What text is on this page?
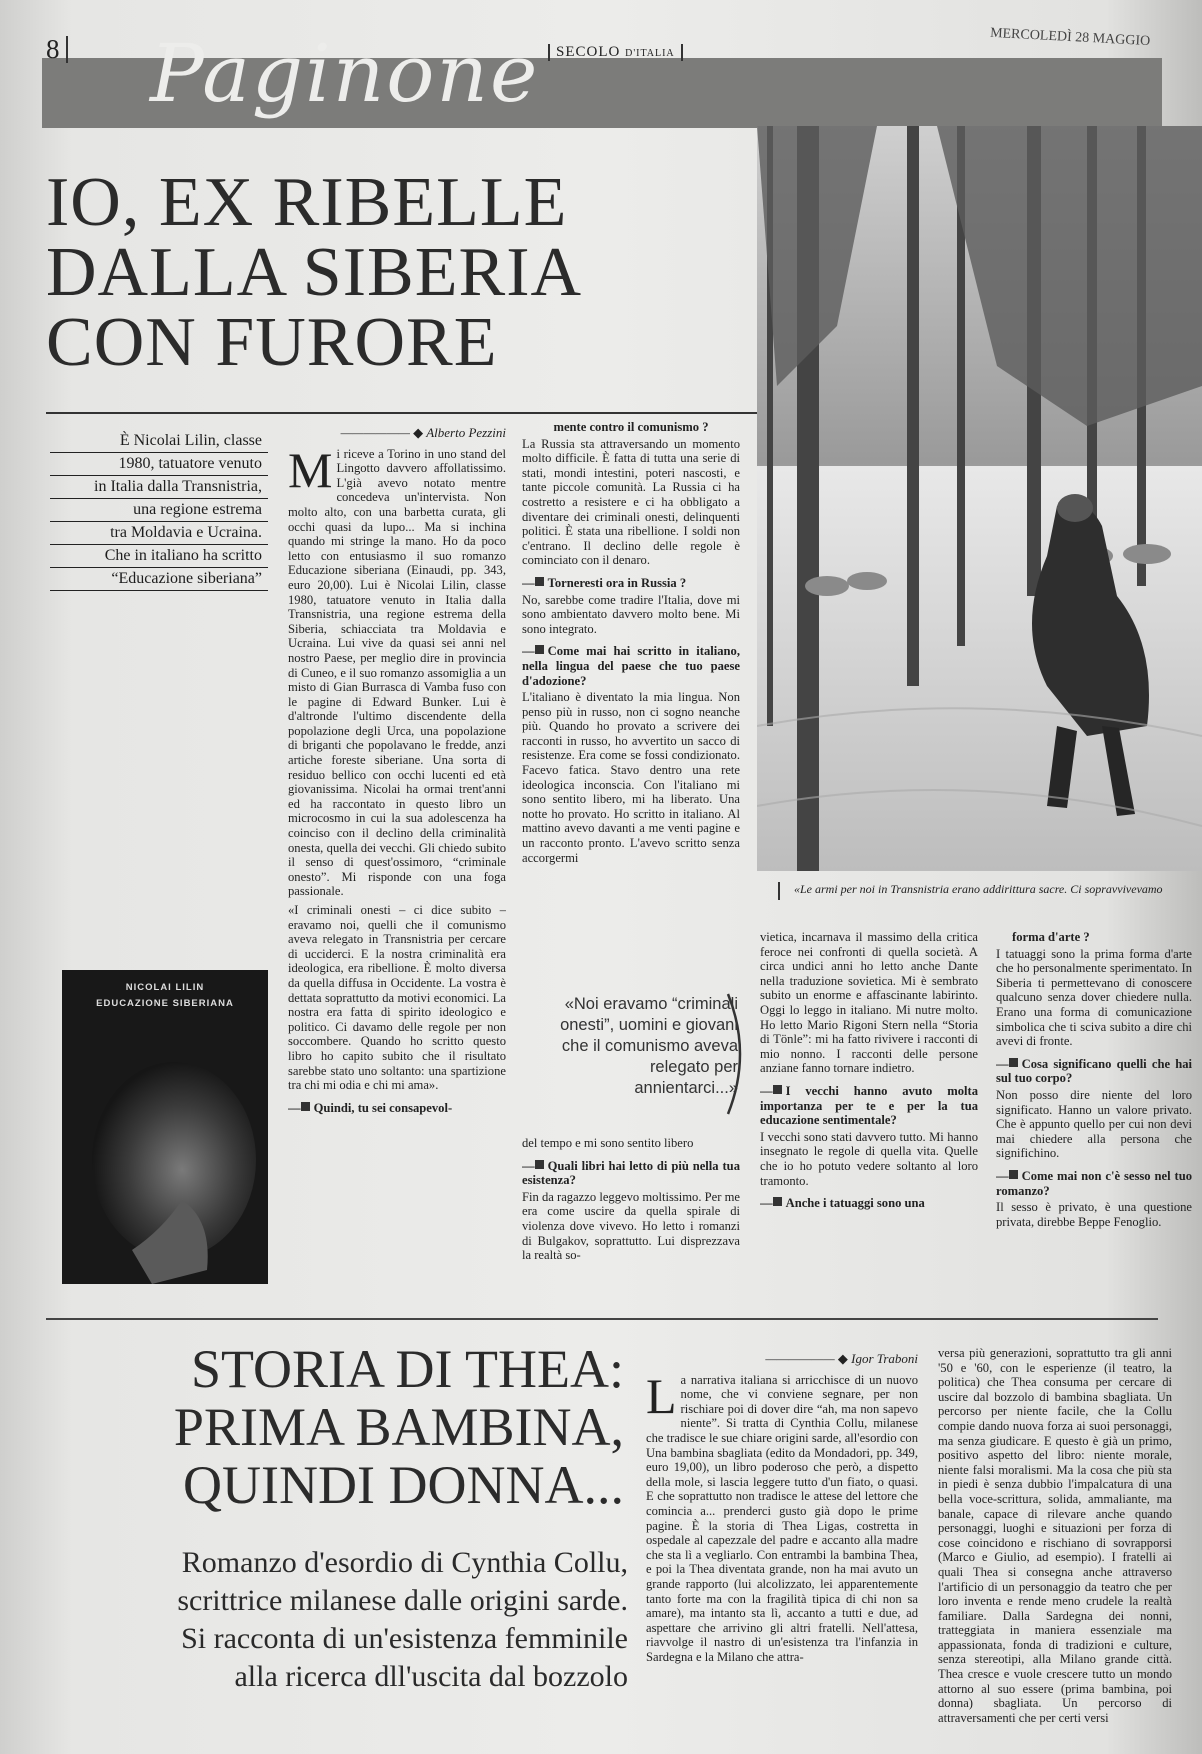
Paginone
8	SECOLO D'ITALIA
MERCOLEDÌ 28 MAGGIO
IO, EX RIBELLE
DALLA SIBERIA
CON FURORE
È Nicolai Lilin, classe
1980, tatuatore venuto
in Italia dalla Transnistria,
una regione estrema
tra Moldavia e Ucraina.
Che in italiano ha scritto
“Educazione siberiana”
NICOLAI LILIN
EDUCAZIONE SIBERIANA
—————— ◆ Alberto Pezzini

Mi riceve a Torino in uno stand del Lingotto davvero affollatissimo. L'già avevo notato mentre concedeva un'intervista. Non molto alto, con una barbetta curata, gli occhi quasi da lupo... Ma si inchina quando mi stringe la mano. Ho da poco letto con entusiasmo il suo romanzo Educazione siberiana (Einaudi, pp. 343, euro 20,00). Lui è Nicolai Lilin, classe 1980, tatuatore venuto in Italia dalla Transnistria, una regione estrema della Siberia, schiacciata tra Moldavia e Ucraina. Lui vive da quasi sei anni nel nostro Paese, per meglio dire in provincia di Cuneo, e il suo romanzo assomiglia a un misto di Gian Burrasca di Vamba fuso con le pagine di Edward Bunker. Lui è d'altronde l'ultimo discendente della popolazione degli Urca, una popolazione di briganti che popolavano le fredde, anzi artiche foreste siberiane. Una sorta di residuo bellico con occhi lucenti ed età giovanissima. Nicolai ha ormai trent'anni ed ha raccontato in questo libro un microcosmo in cui la sua adolescenza ha coinciso con il declino della criminalità onesta, quella dei vecchi. Gli chiedo subito il senso di quest'ossimoro, “criminale onesto”. Mi risponde con una foga passionale.

«I criminali onesti – ci dice subito – eravamo noi, quelli che il comunismo aveva relegato in Transnistria per cercare di ucciderci. E la nostra criminalità era ideologica, era ribellione. È molto diversa da quella diffusa in Occidente. La vostra è dettata soprattutto da motivi economici. La nostra era fatta di spirito ideologico e politico. Ci davamo delle regole per non soccombere. Quando ho scritto questo libro ho capito subito che il risultato sarebbe stato uno soltanto: una spartizione tra chi mi odia e chi mi ama».

— Quindi, tu sei consapevol-
mente contro il comunismo ?

La Russia sta attraversando un momento molto difficile. È fatta di tutta una serie di stati, mondi intestini, poteri nascosti, e tante piccole comunità. La Russia ci ha costretto a resistere e ci ha obbligato a diventare dei criminali onesti, delinquenti politici. È stata una ribellione. I soldi non c'entrano. Il declino delle regole è cominciato con il denaro.

— Torneresti ora in Russia ?

No, sarebbe come tradire l'Italia, dove mi sono ambientato davvero molto bene. Mi sono integrato.

— Come mai hai scritto in italiano, nella lingua del paese che tuo paese d'adozione?

L'italiano è diventato la mia lingua. Non penso più in russo, non ci sogno neanche più. Quando ho provato a scrivere dei racconti in russo, ho avvertito un sacco di resistenze. Era come se fossi condizionato. Facevo fatica. Stavo dentro una rete ideologica inconscia. Con l'italiano mi sono sentito libero, mi ha liberato. Una notte ho provato. Ho scritto in italiano. Al mattino avevo davanti a me venti pagine e un racconto pronto. L'avevo scritto senza accorgermi

«Noi eravamo “criminali onesti”, uomini e giovani che il comunismo aveva relegato per annientarci...»

del tempo e mi sono sentito libero

— Quali libri hai letto di più nella tua esistenza?

Fin da ragazzo leggevo moltissimo. Per me era come uscire da quella spirale di violenza dove vivevo. Ho letto i romanzi di Bulgakov, soprattutto. Lui disprezzava la realtà so-

«Le armi per noi in Transnistria erano addirittura sacre. Ci sopravvivevamo

vietica, incarnava il massimo della critica feroce nei confronti di quella società. A circa undici anni ho letto anche Dante nella traduzione sovietica. Mi è sembrato subito un enorme e affascinante labirinto. Oggi lo leggo in italiano. Mi nutre molto. Ho letto Mario Rigoni Stern nella “Storia di Tönle”: mi ha fatto rivivere i racconti di mio nonno. I racconti delle persone anziane fanno tornare indietro.

— I vecchi hanno avuto molta importanza per te e per la tua educazione sentimentale?

I vecchi sono stati davvero tutto. Mi hanno insegnato le regole di quella vita. Quelle che io ho potuto vedere soltanto al loro tramonto.

— Anche i tatuaggi sono una
forma d'arte ?

I tatuaggi sono la prima forma d'arte che ho personalmente sperimentato. In Siberia ti permettevano di conoscere qualcuno senza dover chiedere nulla. Erano una forma di comunicazione simbolica che ti sciva subito a dire chi avevi di fronte.

— Cosa significano quelli che hai sul tuo corpo?

Non posso dire niente del loro significato. Hanno un valore privato. Che è appunto quello per cui non devi mai chiedere alla persona che significhino.

— Come mai non c'è sesso nel tuo romanzo?

Il sesso è privato, è una questione privata, direbbe Beppe Fenoglio.

STORIA DI THEA:
PRIMA BAMBINA,
QUINDI DONNA...
Romanzo d'esordio di Cynthia Collu,
scrittrice milanese dalle origini sarde.
Si racconta di un'esistenza femminile
alla ricerca dll'uscita dal bozzolo
—————— ◆ Igor Traboni

La narrativa italiana si arricchisce di un nuovo nome, che vi conviene segnare, per non rischiare poi di dover dire “ah, ma non sapevo niente”. Si tratta di Cynthia Collu, milanese che tradisce le sue chiare origini sarde, all'esordio con Una bambina sbagliata (edito da Mondadori, pp. 349, euro 19,00), un libro poderoso che però, a dispetto della mole, si lascia leggere tutto d'un fiato, o quasi. E che soprattutto non tradisce le attese del lettore che comincia a... prenderci gusto già dopo le prime pagine. È la storia di Thea Ligas, costretta in ospedale al capezzale del padre e accanto alla madre che sta lì a vegliarlo. Con entrambi la bambina Thea, e poi la Thea diventata grande, non ha mai avuto un grande rapporto (lui alcolizzato, lei apparentemente tanto forte ma con la fragilità tipica di chi non sa amare), ma intanto sta lì, accanto a tutti e due, ad aspettare che arrivino gli altri fratelli. Nell'attesa, riavvolge il nastro di un'esistenza tra l'infanzia in Sardegna e la Milano che attra-

versa più generazioni, soprattutto tra gli anni '50 e '60, con le esperienze (il teatro, la politica) che Thea consuma per cercare di uscire dal bozzolo di bambina sbagliata. Un percorso per niente facile, che la Collu compie dando nuova forza ai suoi personaggi, ma senza giudicare. E questo è già un primo, positivo aspetto del libro: niente morale, niente falsi moralismi. Ma la cosa che più sta in piedi è senza dubbio l'impalcatura di una bella voce-scrittura, solida, ammaliante, ma banale, capace di rilevare anche quando personaggi, luoghi e situazioni per forza di cose coincidono e rischiano di sovrapporsi (Marco e Giulio, ad esempio). I fratelli ai quali Thea si consegna anche attraverso l'artificio di un personaggio da teatro che per loro inventa e rende meno crudele la realtà familiare. Dalla Sardegna dei nonni, tratteggiata in maniera essenziale ma appassionata, fonda di tradizioni e culture, senza stereotipi, alla Milano grande città. Thea cresce e vuole crescere tutto un mondo attorno al suo essere (prima bambina, poi donna) sbagliata. Un percorso di attraversamenti che per certi versi
